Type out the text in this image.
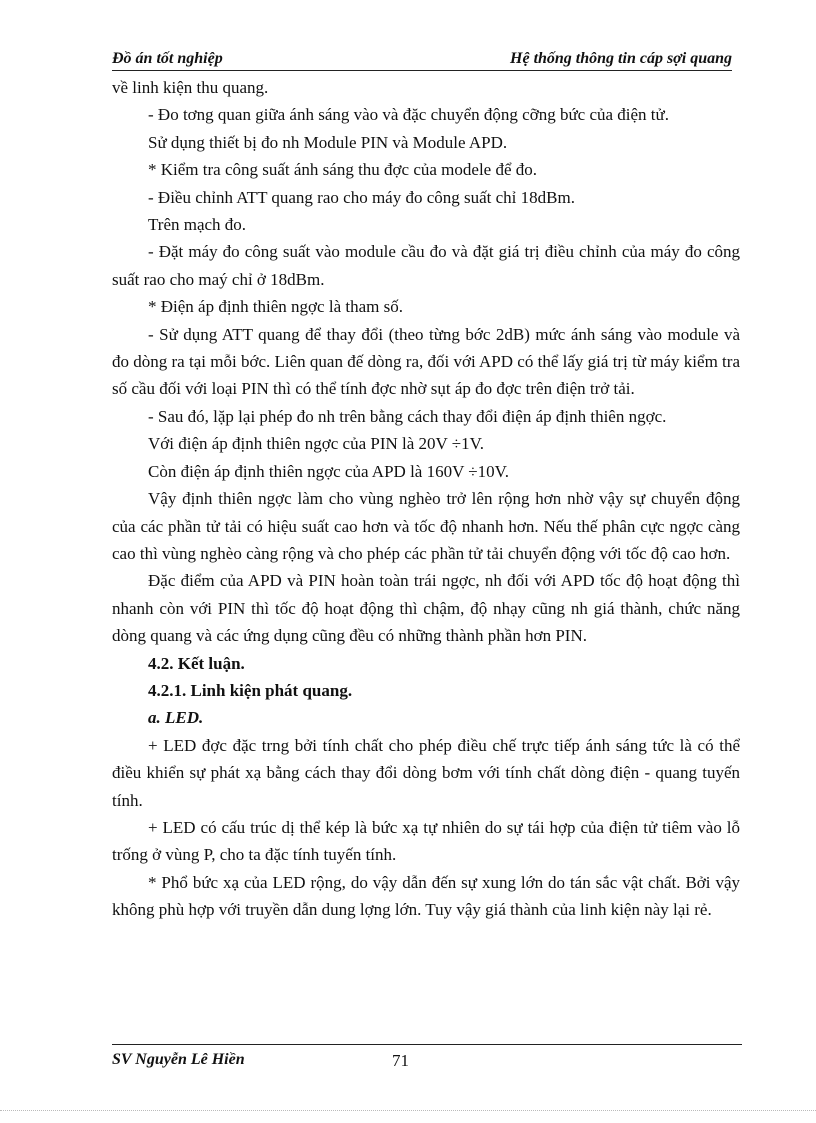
Đồ án tốt nghiệp	Hệ thống thông tin cáp sợi quang

về linh kiện thu quang.

- Đo tơng quan giữa ánh sáng vào và đặc chuyển động cỡng bức của điện tử.

Sử dụng thiết bị đo nh Module PIN và Module APD.

* Kiểm tra công suất ánh sáng thu đợc của modele để đo.

- Điều chỉnh ATT quang rao cho máy đo công suất chỉ 18dBm.

Trên mạch đo.

- Đặt máy đo công suất vào module cầu đo và đặt giá trị điều chỉnh của máy đo công suất rao cho maý chỉ ở 18dBm.

* Điện áp định thiên ngợc là tham số.

- Sử dụng ATT quang để thay đổi (theo từng bớc 2dB) mức ánh sáng vào module và đo dòng ra tại mỗi bớc. Liên quan đế dòng ra, đối với APD có thể lấy giá trị từ máy kiểm tra số cầu đối với loại PIN thì có thể tính đợc nhờ sụt áp đo đợc trên điện trở tải.

- Sau đó, lặp lại phép đo nh trên bằng cách thay đổi điện áp định thiên ngợc.

Với điện áp định thiên ngợc của PIN là 20V ÷1V.

Còn điện áp định thiên ngợc của APD là 160V ÷10V.

Vậy định thiên ngợc làm cho vùng nghèo trở lên rộng hơn nhờ vậy sự chuyển động của các phần tử tải có hiệu suất cao hơn và tốc độ nhanh hơn. Nếu thế phân cực ngợc càng cao thì vùng nghèo càng rộng và cho phép các phần tử tải chuyển động với tốc độ cao hơn.

Đặc điểm của APD và PIN hoàn toàn trái ngợc, nh đối với APD tốc độ hoạt động thì nhanh còn với PIN thì tốc độ hoạt động thì chậm, độ nhạy cũng nh giá thành, chức năng dòng quang và các ứng dụng cũng đều có những thành phần hơn PIN.

4.2. Kết luận.

4.2.1. Linh kiện phát quang.

a. LED.

+ LED đợc đặc trng bởi tính chất cho phép điều chế trực tiếp ánh sáng tức là có thể điều khiển sự phát xạ bằng cách thay đổi dòng bơm với tính chất dòng điện - quang tuyến tính.

+ LED có cấu trúc dị thể kép là bức xạ tự nhiên do sự tái hợp của điện tử tiêm vào lỗ trống ở vùng P, cho ta đặc tính tuyến tính.

* Phổ bức xạ của LED rộng, do vậy dẫn đến sự xung lớn do tán sắc vật chất. Bởi vậy không phù hợp với truyền dẫn dung lợng lớn. Tuy vậy giá thành của linh kiện này lại rẻ.

SV Nguyễn Lê Hiền	71
